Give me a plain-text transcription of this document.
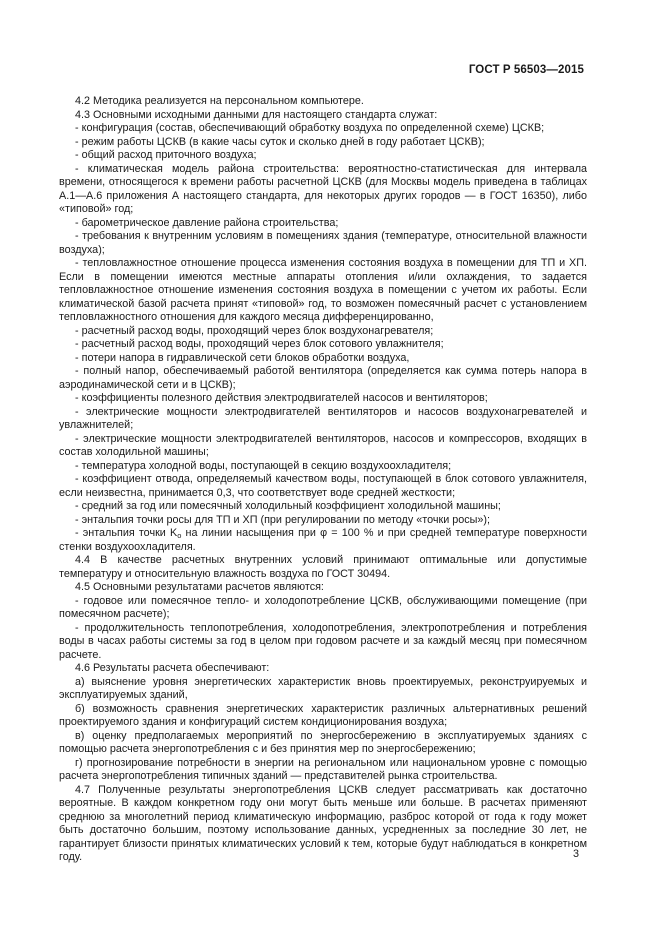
ГОСТ Р 56503—2015

4.2 Методика реализуется на персональном компьютере.

4.3 Основными исходными данными для настоящего стандарта служат:

- конфигурация (состав, обеспечивающий обработку воздуха по определенной схеме) ЦСКВ;

- режим работы ЦСКВ (в какие часы суток и сколько дней в году работает ЦСКВ);

- общий расход приточного воздуха;

- климатическая модель района строительства: вероятностно-статистическая для интервала времени, относящегося к времени работы расчетной ЦСКВ (для Москвы модель приведена в таблицах А.1—А.6 приложения А настоящего стандарта, для некоторых других городов — в ГОСТ 16350), либо «типовой» год;

- барометрическое давление района строительства;

- требования к внутренним условиям в помещениях здания (температуре, относительной влажности воздуха);

- тепловлажностное отношение процесса изменения состояния воздуха в помещении для ТП и ХП. Если в помещении имеются местные аппараты отопления и/или охлаждения, то задается тепловлажностное отношение изменения состояния воздуха в помещении с учетом их работы. Если климатической базой расчета принят «типовой» год, то возможен помесячный расчет с установлением тепловлажностного отношения для каждого месяца дифференцированно,

- расчетный расход воды, проходящий через блок воздухонагревателя;

- расчетный расход воды, проходящий через блок сотового увлажнителя;

- потери напора в гидравлической сети блоков обработки воздуха,

- полный напор, обеспечиваемый работой вентилятора (определяется как сумма потерь напора в аэродинамической сети и в ЦСКВ);

- коэффициенты полезного действия электродвигателей насосов и вентиляторов;

- электрические мощности электродвигателей вентиляторов и насосов воздухонагревателей и увлажнителей;

- электрические мощности электродвигателей вентиляторов, насосов и компрессоров, входящих в состав холодильной машины;

- температура холодной воды, поступающей в секцию воздухоохладителя;

- коэффициент отвода, определяемый качеством воды, поступающей в блок сотового увлажнителя, если неизвестна, принимается 0,3, что соответствует воде средней жесткости;

- средний за год или помесячный холодильный коэффициент холодильной машины;

- энтальпия точки росы для ТП и ХП (при регулировании по методу «точки росы»);

- энтальпия точки $K_o$ на линии насыщения при φ = 100 % и при средней температуре поверхности стенки воздухоохладителя.

4.4 В качестве расчетных внутренних условий принимают оптимальные или допустимые температуру и относительную влажность воздуха по ГОСТ 30494.

4.5 Основными результатами расчетов являются:

- годовое или помесячное тепло- и холодопотребление ЦСКВ, обслуживающими помещение (при помесячном расчете);

- продолжительность теплопотребления, холодопотребления, электропотребления и потребления воды в часах работы системы за год в целом при годовом расчете и за каждый месяц при помесячном расчете.

4.6 Результаты расчета обеспечивают:

а) выяснение уровня энергетических характеристик вновь проектируемых, реконструируемых и эксплуатируемых зданий,

б) возможность сравнения энергетических характеристик различных альтернативных решений проектируемого здания и конфигураций систем кондиционирования воздуха;

в) оценку предполагаемых мероприятий по энергосбережению в эксплуатируемых зданиях с помощью расчета энергопотребления с и без принятия мер по энергосбережению;

г) прогнозирование потребности в энергии на региональном или национальном уровне с помощью расчета энергопотребления типичных зданий — представителей рынка строительства.

4.7 Полученные результаты энергопотребления ЦСКВ следует рассматривать как достаточно вероятные. В каждом конкретном году они могут быть меньше или больше. В расчетах применяют среднюю за многолетний период климатическую информацию, разброс которой от года к году может быть достаточно большим, поэтому использование данных, усредненных за последние 30 лет, не гарантирует близости принятых климатических условий к тем, которые будут наблюдаться в конкретном году.	3
